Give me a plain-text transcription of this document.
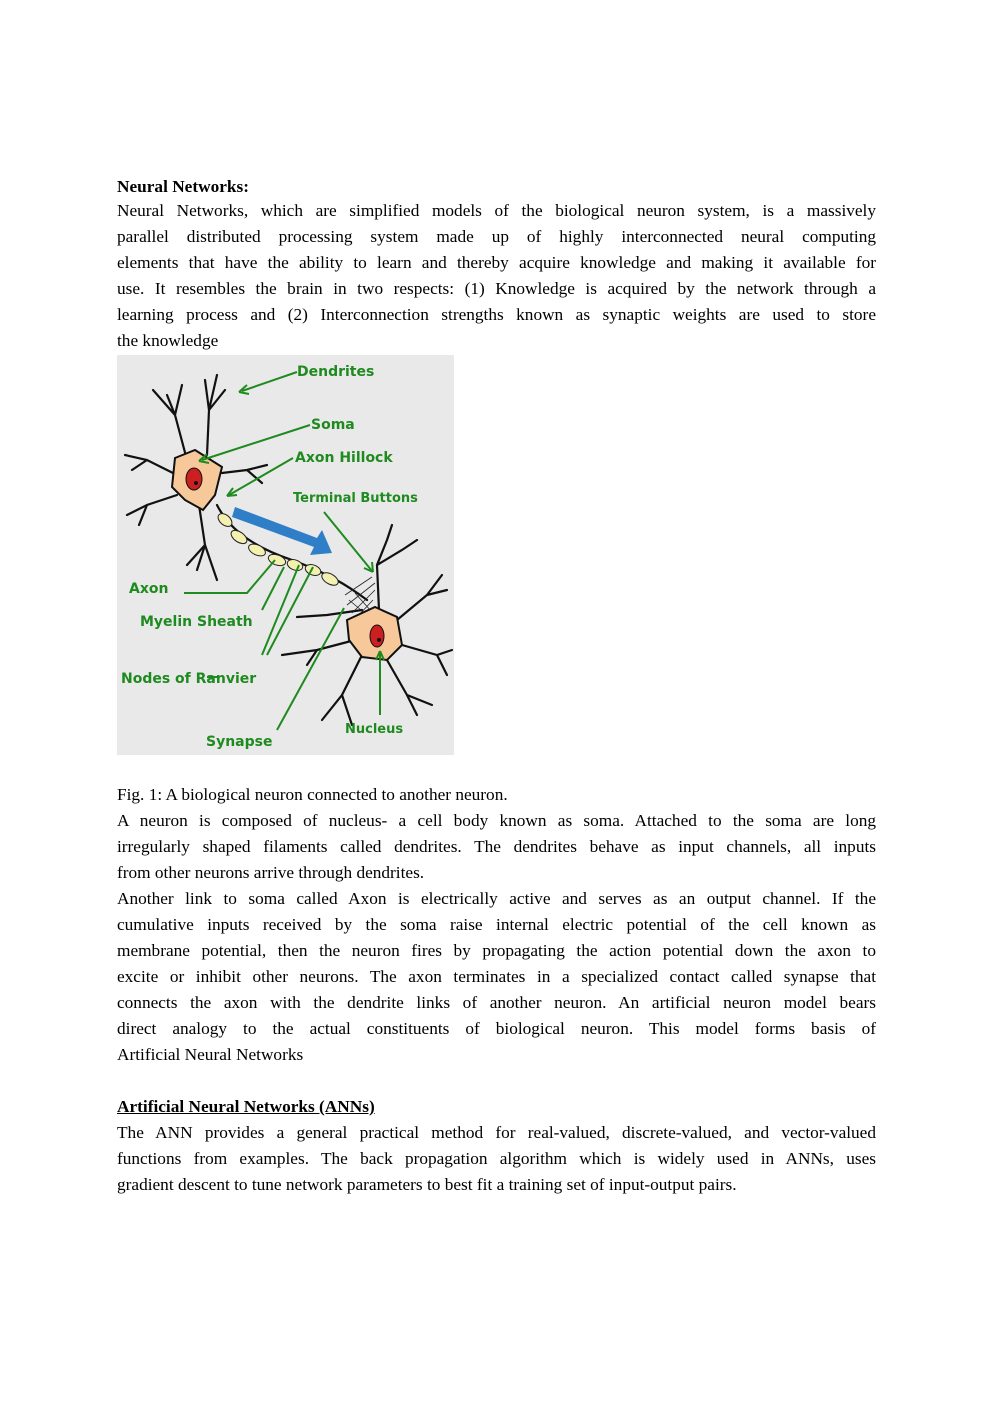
Neural Networks:
Neural Networks, which are simplified models of the biological neuron system, is a massively
parallel distributed processing system made up of highly interconnected neural computing
elements that have the ability to learn and thereby acquire knowledge and making it available for
use. It resembles the brain in two respects: (1) Knowledge is acquired by the network through a
learning process and (2) Interconnection strengths known as synaptic weights are used to store
the knowledge
Dendrites
Soma
Axon Hillock
Terminal Buttons
Axon
Myelin Sheath
Nodes of Ranvier
Synapse
Nucleus
Fig. 1: A biological neuron connected to another neuron.
A neuron is composed of nucleus- a cell body known as soma. Attached to the soma are long
irregularly shaped filaments called dendrites. The dendrites behave as input channels, all inputs
from other neurons arrive through dendrites.
Another link to soma called Axon is electrically active and serves as an output channel. If the
cumulative inputs received by the soma raise internal electric potential of the cell known as
membrane potential, then the neuron fires by propagating the action potential down the axon to
excite or inhibit other neurons. The axon terminates in a specialized contact called synapse that
connects the axon with the dendrite links of another neuron. An artificial neuron model bears
direct analogy to the actual constituents of biological neuron. This model forms basis of
Artificial Neural Networks
Artificial Neural Networks (ANNs)
The ANN provides a general practical method for real-valued, discrete-valued, and vector-valued
functions from examples. The back propagation algorithm which is widely used in ANNs, uses
gradient descent to tune network parameters to best fit a training set of input-output pairs.
